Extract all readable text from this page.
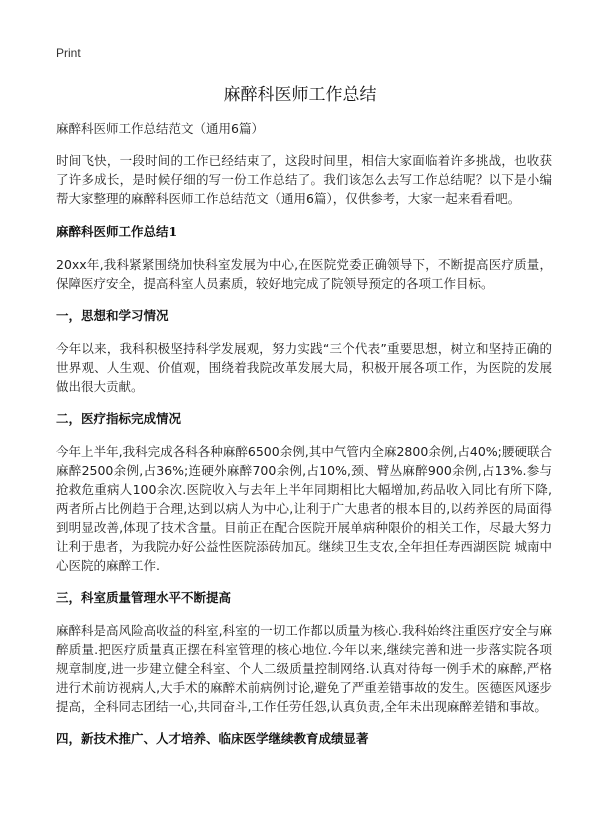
Print
麻醉科医师工作总结

麻醉科医师工作总结范文（通用6篇）

时间飞快，一段时间的工作已经结束了，这段时间里，相信大家面临着许多挑战，也收获了许多成长，是时候仔细的写一份工作总结了。我们该怎么去写工作总结呢？以下是小编帮大家整理的麻醉科医师工作总结范文（通用6篇），仅供参考，大家一起来看看吧。

麻醉科医师工作总结1

20xx年,我科紧紧围绕加快科室发展为中心,在医院党委正确领导下，不断提高医疗质量，保障医疗安全，提高科室人员素质，较好地完成了院领导预定的各项工作目标。

一，思想和学习情况

今年以来，我科积极坚持科学发展观，努力实践“三个代表”重要思想，树立和坚持正确的世界观、人生观、价值观，围绕着我院改革发展大局，积极开展各项工作，为医院的发展做出很大贡献。

二，医疗指标完成情况

今年上半年,我科完成各科各种麻醉6500余例,其中气管内全麻2800余例,占40%;腰硬联合麻醉2500余例,占36%;连硬外麻醉700余例,占10%,颈、臂丛麻醉900余例,占13%.参与抢救危重病人100余次.医院收入与去年上半年同期相比大幅增加,药品收入同比有所下降,两者所占比例趋于合理,达到以病人为中心,让利于广大患者的根本目的,以药养医的局面得到明显改善,体现了技术含量。目前正在配合医院开展单病种限价的相关工作，尽最大努力让利于患者，为我院办好公益性医院添砖加瓦。继续卫生支农,全年担任寿西湖医院 城南中心医院的麻醉工作.

三，科室质量管理水平不断提高

麻醉科是高风险高收益的科室,科室的一切工作都以质量为核心.我科始终注重医疗安全与麻醉质量.把医疗质量真正摆在科室管理的核心地位.今年以来,继续完善和进一步落实院各项规章制度,进一步建立健全科室、个人二级质量控制网络.认真对待每一例手术的麻醉,严格进行术前访视病人,大手术的麻醉术前病例讨论,避免了严重差错事故的发生。医德医风逐步提高，全科同志团结一心,共同奋斗,工作任劳任怨,认真负责,全年未出现麻醉差错和事故。

四，新技术推广、人才培养、临床医学继续教育成绩显著
